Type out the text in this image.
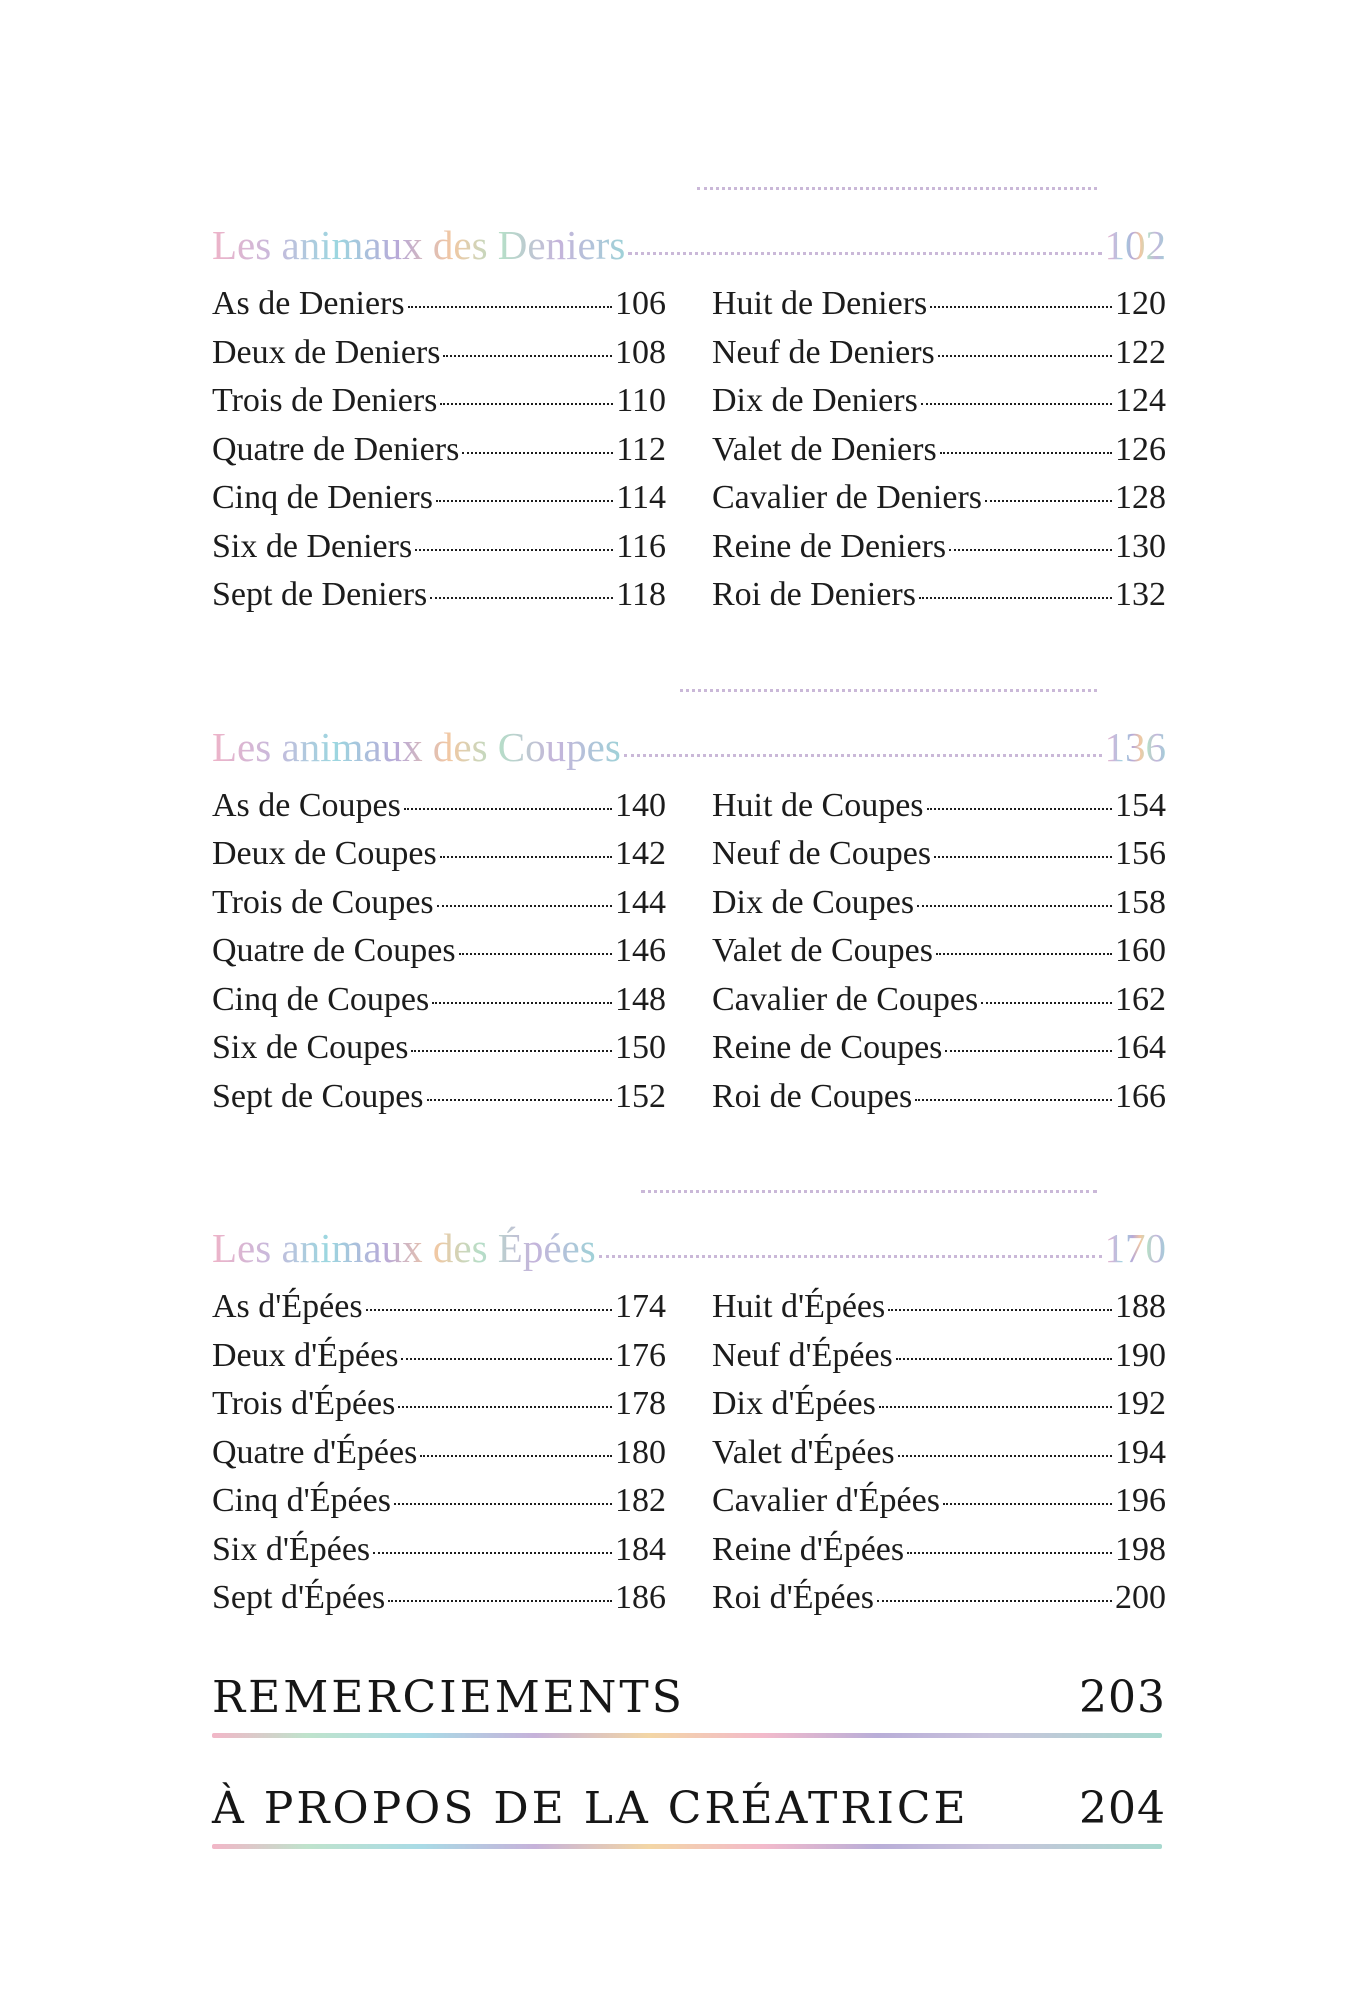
LA SUITE DES DENIERS	101
Les animaux des Deniers	102
As de Deniers	106
Deux de Deniers	108
Trois de Deniers	110
Quatre de Deniers	112
Cinq de Deniers	114
Six de Deniers	116
Sept de Deniers	118
Huit de Deniers	120
Neuf de Deniers	122
Dix de Deniers	124
Valet de Deniers	126
Cavalier de Deniers	128
Reine de Deniers	130
Roi de Deniers	132
LA SUITE DES COUPES	135
Les animaux des Coupes	136
As de Coupes	140
Deux de Coupes	142
Trois de Coupes	144
Quatre de Coupes	146
Cinq de Coupes	148
Six de Coupes	150
Sept de Coupes	152
Huit de Coupes	154
Neuf de Coupes	156
Dix de Coupes	158
Valet de Coupes	160
Cavalier de Coupes	162
Reine de Coupes	164
Roi de Coupes	166
LA SUITE DES ÉPÉES	169
Les animaux des Épées	170
As d'Épées	174
Deux d'Épées	176
Trois d'Épées	178
Quatre d'Épées	180
Cinq d'Épées	182
Six d'Épées	184
Sept d'Épées	186
Huit d'Épées	188
Neuf d'Épées	190
Dix d'Épées	192
Valet d'Épées	194
Cavalier d'Épées	196
Reine d'Épées	198
Roi d'Épées	200
REMERCIEMENTS	203
À PROPOS DE LA CRÉATRICE	204
